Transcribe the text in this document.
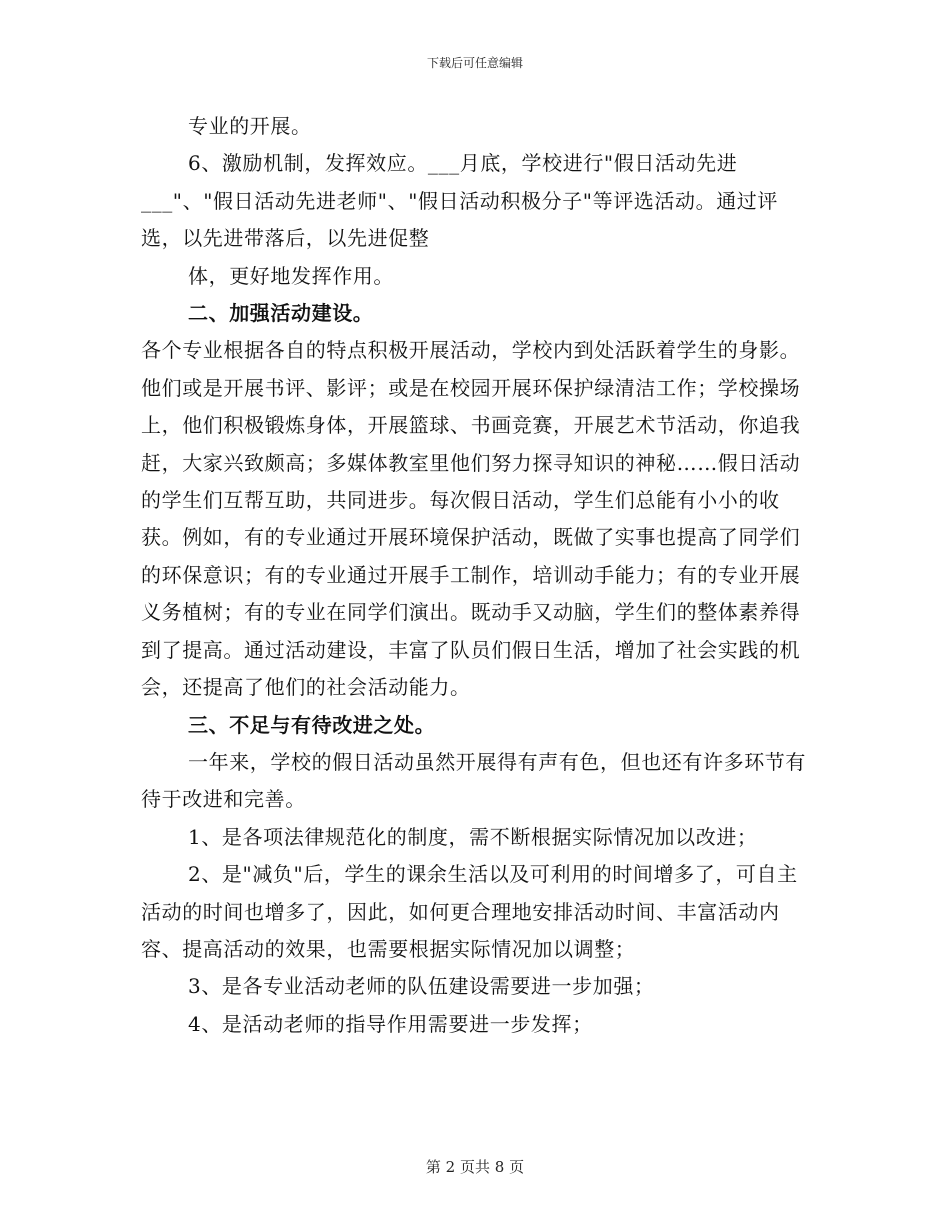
下载后可任意编辑

专业的开展。

6、激励机制，发挥效应。___月底，学校进行"假日活动先进___"、"假日活动先进老师"、"假日活动积极分子"等评选活动。通过评选，以先进带落后，以先进促整

体，更好地发挥作用。

二、加强活动建设。

各个专业根据各自的特点积极开展活动，学校内到处活跃着学生的身影。他们或是开展书评、影评；或是在校园开展环保护绿清洁工作；学校操场上，他们积极锻炼身体，开展篮球、书画竞赛，开展艺术节活动，你追我赶，大家兴致颇高；多媒体教室里他们努力探寻知识的神秘……假日活动的学生们互帮互助，共同进步。每次假日活动，学生们总能有小小的收获。例如，有的专业通过开展环境保护活动，既做了实事也提高了同学们的环保意识；有的专业通过开展手工制作，培训动手能力；有的专业开展义务植树；有的专业在同学们演出。既动手又动脑，学生们的整体素养得到了提高。通过活动建设，丰富了队员们假日生活，增加了社会实践的机会，还提高了他们的社会活动能力。

三、不足与有待改进之处。

一年来，学校的假日活动虽然开展得有声有色，但也还有许多环节有待于改进和完善。

1、是各项法律规范化的制度，需不断根据实际情况加以改进；

2、是"减负"后，学生的课余生活以及可利用的时间增多了，可自主活动的时间也增多了，因此，如何更合理地安排活动时间、丰富活动内容、提高活动的效果，也需要根据实际情况加以调整；

3、是各专业活动老师的队伍建设需要进一步加强；

4、是活动老师的指导作用需要进一步发挥；

第 2 页共 8 页
